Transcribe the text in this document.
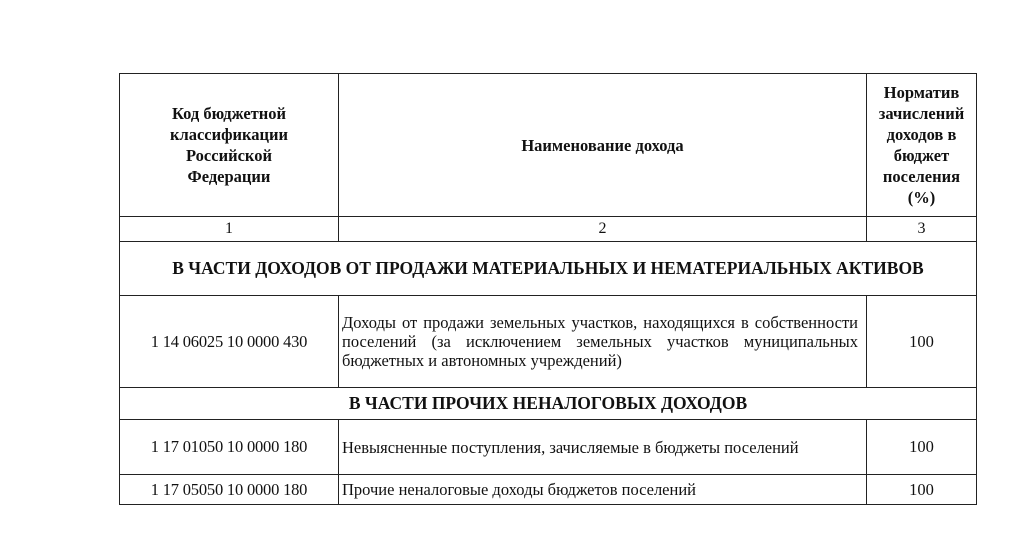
Код бюджетной классификации Российской Федерации	Наименование дохода	Норматив зачислений доходов в бюджет поселения (%)
1	2	3
В ЧАСТИ ДОХОДОВ ОТ ПРОДАЖИ МАТЕРИАЛЬНЫХ И НЕМАТЕРИАЛЬНЫХ АКТИВОВ		
1 14 06025 10 0000 430	Доходы от продажи земельных участков, находящихся в собственности поселений (за исключением земельных участков муниципальных бюджетных и автономных учреждений)	100
В ЧАСТИ ПРОЧИХ НЕНАЛОГОВЫХ ДОХОДОВ		
1 17 01050 10 0000 180	Невыясненные поступления, зачисляемые в бюджеты поселений	100
1 17 05050 10 0000 180	Прочие неналоговые доходы бюджетов поселений	100
